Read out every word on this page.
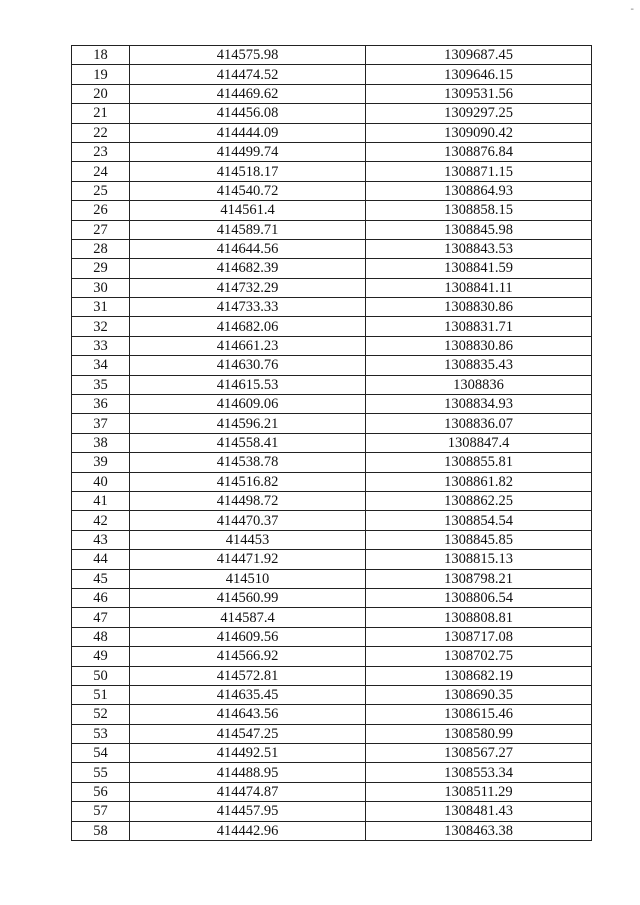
-
18	414575.98	1309687.45
19	414474.52	1309646.15
20	414469.62	1309531.56
21	414456.08	1309297.25
22	414444.09	1309090.42
23	414499.74	1308876.84
24	414518.17	1308871.15
25	414540.72	1308864.93
26	414561.4	1308858.15
27	414589.71	1308845.98
28	414644.56	1308843.53
29	414682.39	1308841.59
30	414732.29	1308841.11
31	414733.33	1308830.86
32	414682.06	1308831.71
33	414661.23	1308830.86
34	414630.76	1308835.43
35	414615.53	1308836
36	414609.06	1308834.93
37	414596.21	1308836.07
38	414558.41	1308847.4
39	414538.78	1308855.81
40	414516.82	1308861.82
41	414498.72	1308862.25
42	414470.37	1308854.54
43	414453	1308845.85
44	414471.92	1308815.13
45	414510	1308798.21
46	414560.99	1308806.54
47	414587.4	1308808.81
48	414609.56	1308717.08
49	414566.92	1308702.75
50	414572.81	1308682.19
51	414635.45	1308690.35
52	414643.56	1308615.46
53	414547.25	1308580.99
54	414492.51	1308567.27
55	414488.95	1308553.34
56	414474.87	1308511.29
57	414457.95	1308481.43
58	414442.96	1308463.38
